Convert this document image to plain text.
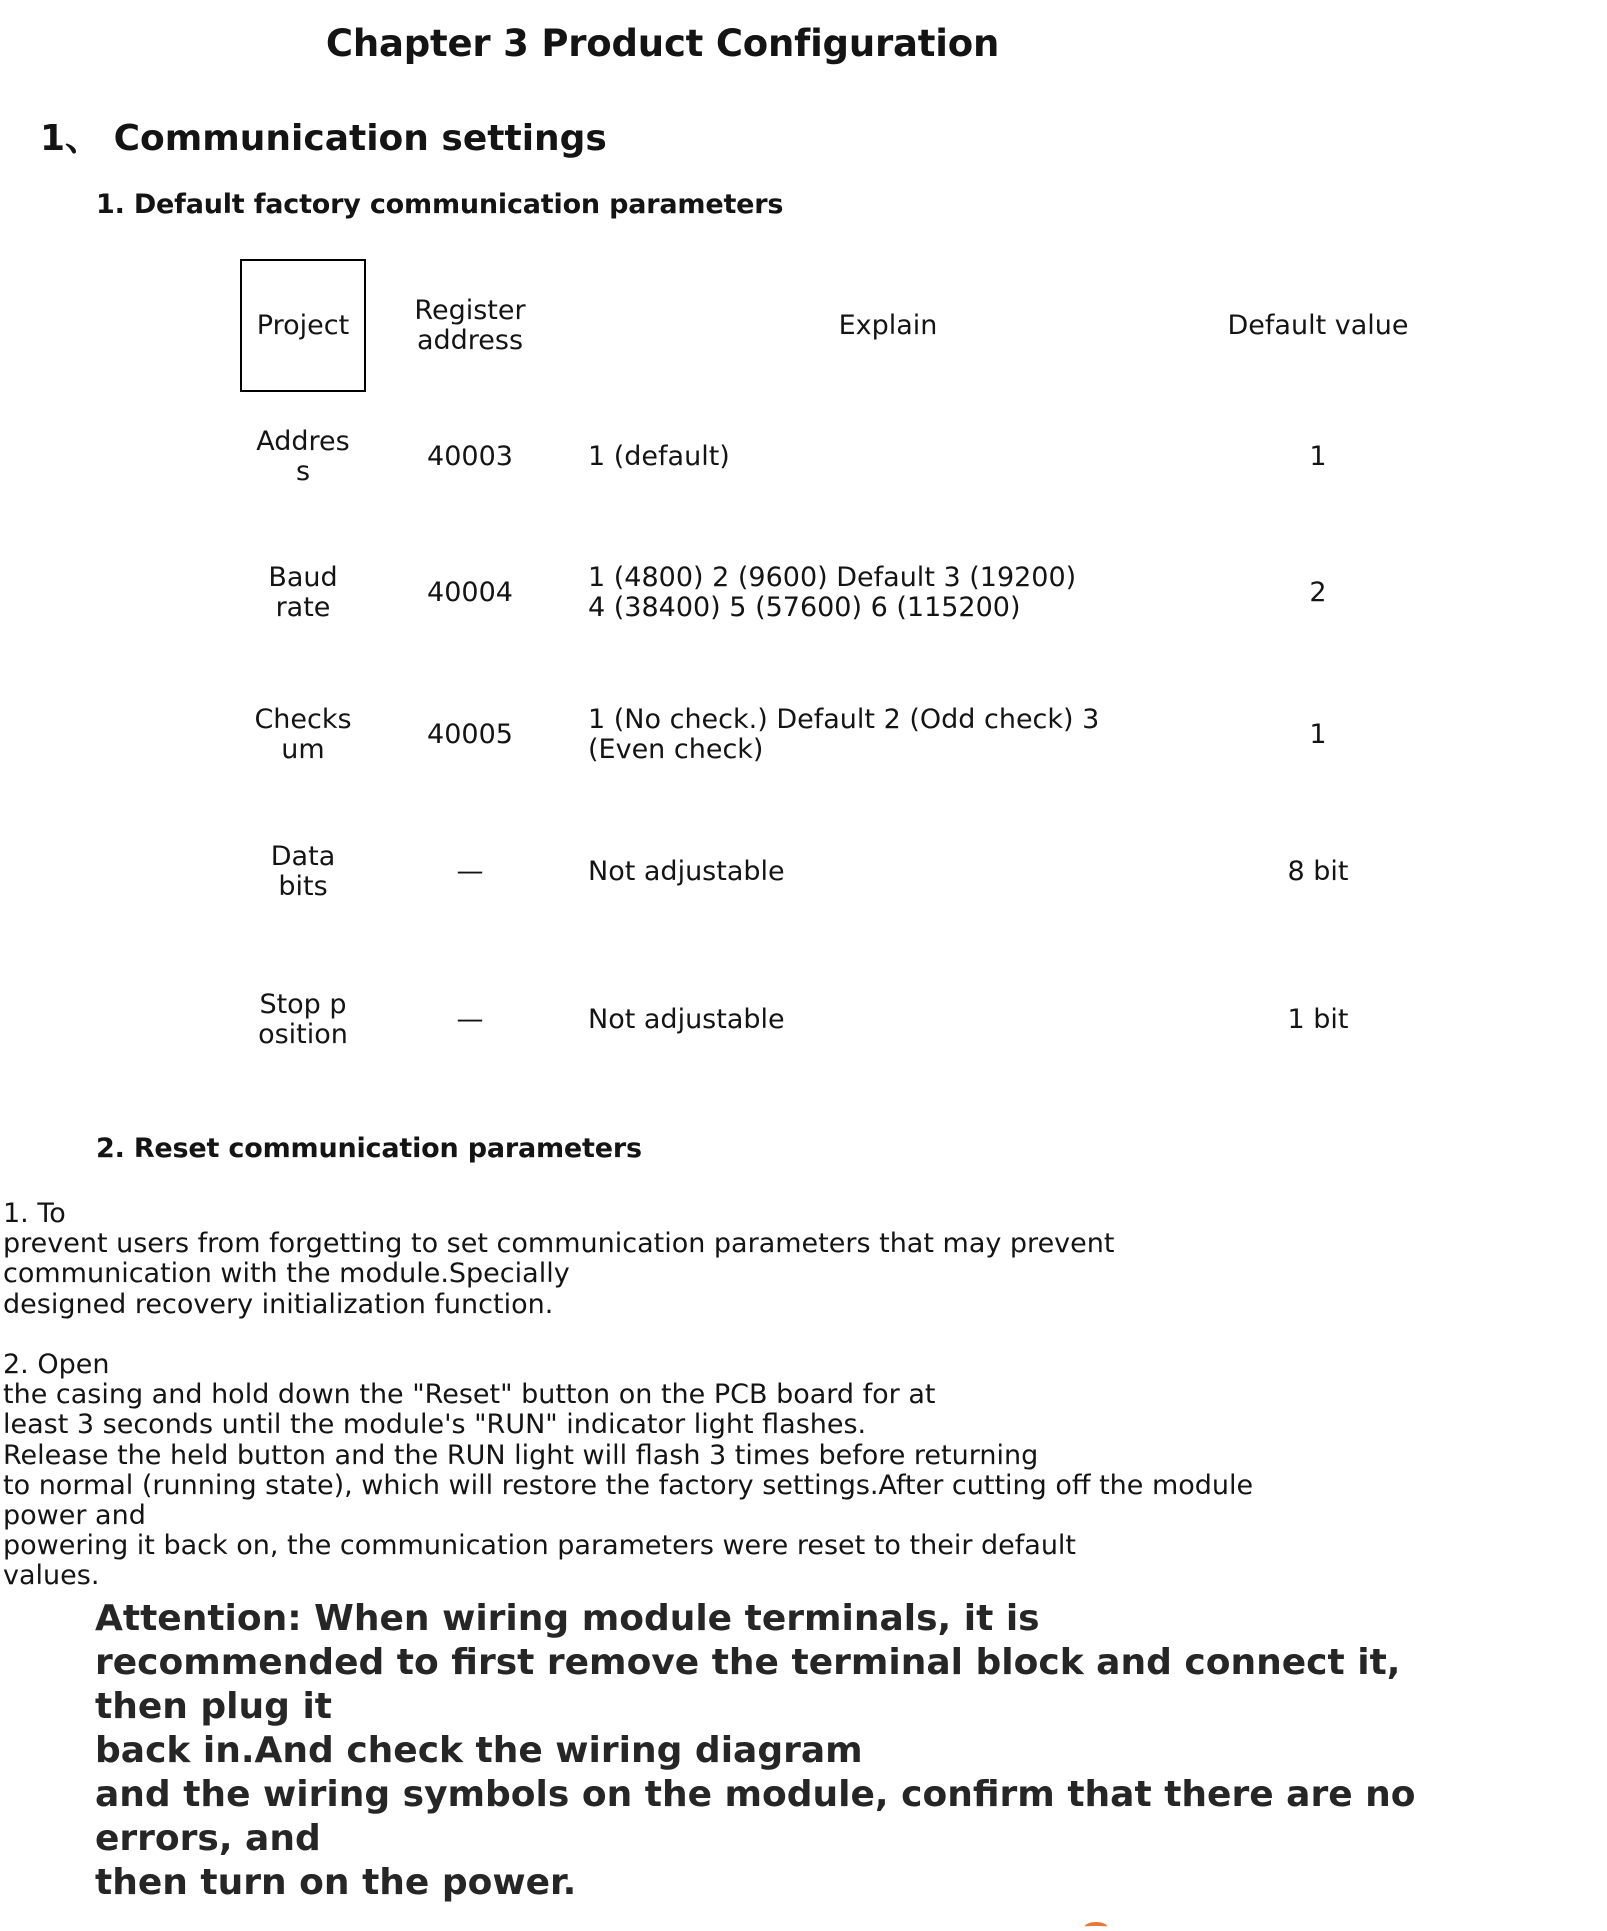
Chapter 3 Product Configuration
1、 Communication settings
1. Default factory communication parameters
Project	Register address	Explain	Default value
Address	40003	1 (default)	1
Baud rate	40004	1 (4800) 2 (9600) Default 3 (19200) 4 (38400) 5 (57600) 6 (115200)	2
Checksum	40005	1 (No check.) Default 2 (Odd check) 3 (Even check)	1
Data bits	—	Not adjustable	8 bit
Stop position	—	Not adjustable	1 bit
2. Reset communication parameters
1. To
prevent users from forgetting to set communication parameters that may prevent
communication with the module.Specially
designed recovery initialization function.

2. Open
the casing and hold down the "Reset" button on the PCB board for at
least 3 seconds until the module's "RUN" indicator light flashes.
Release the held button and the RUN light will flash 3 times before returning
to normal (running state), which will restore the factory settings.After cutting off the module power and
powering it back on, the communication parameters were reset to their default
values.
Attention: When wiring module terminals, it is
recommended to first remove the terminal block and connect it, then plug it
back in.And check the wiring diagram
and the wiring symbols on the module, confirm that there are no errors, and
then turn on the power.
